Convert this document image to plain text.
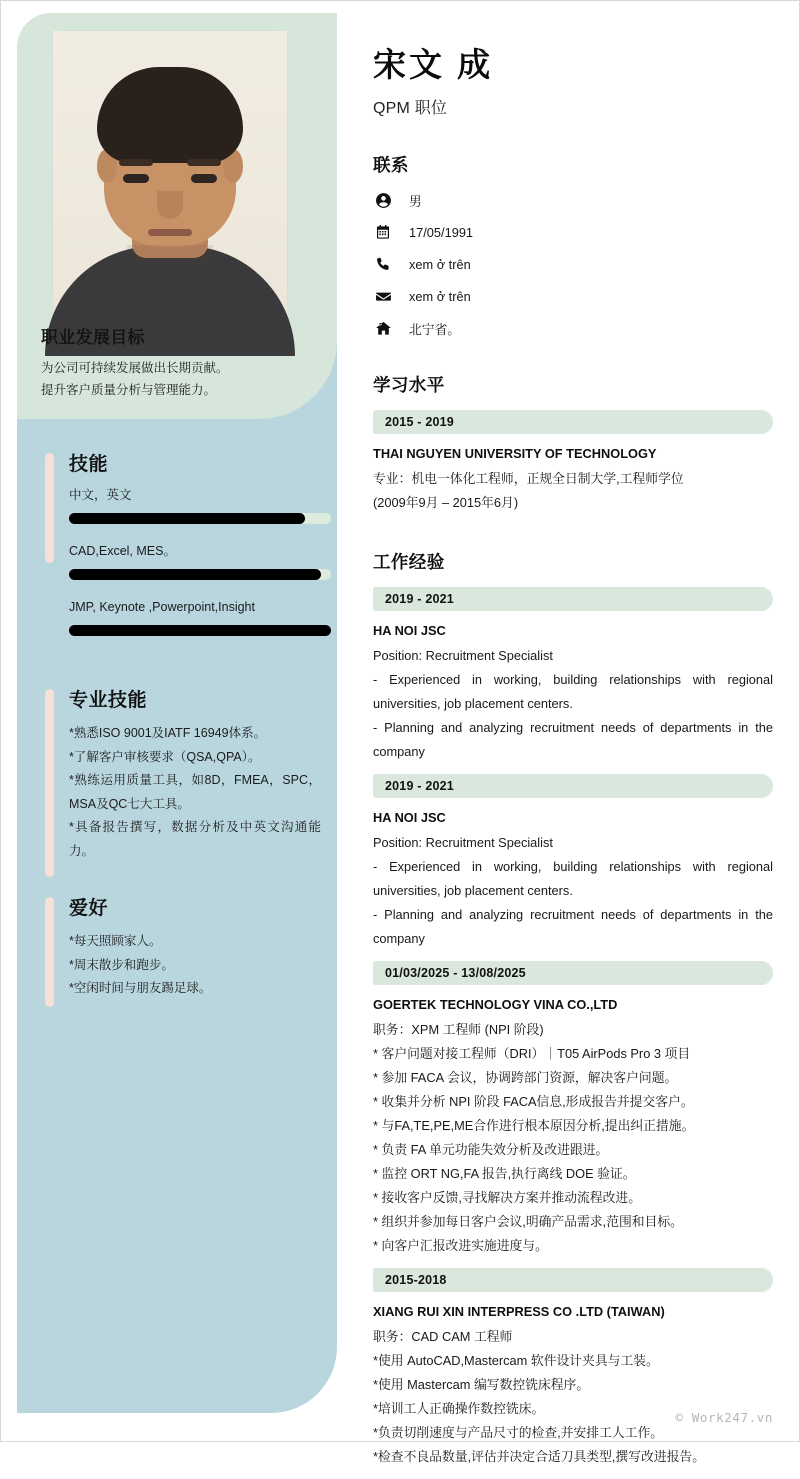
职业发展目标
为公司可持续发展做出长期贡献。
提升客户质量分析与管理能力。
技能
中文，英文
CAD,Excel, MES。
JMP, Keynote ,Powerpoint,Insight
专业技能
*熟悉ISO 9001及IATF 16949体系。
*了解客户审核要求（QSA,QPA）。
*熟练运用质量工具，如8D，FMEA，SPC，MSA及QC七大工具。
*具备报告撰写，数据分析及中英文沟通能力。
爱好
*每天照顾家人。
*周末散步和跑步。
*空闲时间与朋友踢足球。
宋文 成
QPM 职位
联系
男
17/05/1991
xem ở trên
xem ở trên
北宁省。
学习水平
2015 - 2019
THAI NGUYEN UNIVERSITY OF TECHNOLOGY
专业：机电一体化工程师，正规全日制大学,工程师学位
(2009年9月 – 2015年6月)
工作经验
2019 - 2021
HA NOI JSC
Position: Recruitment Specialist
- Experienced in working, building relationships with regional universities, job placement centers.
- Planning and analyzing recruitment needs of departments in the company
2019 - 2021
HA NOI JSC
Position: Recruitment Specialist
- Experienced in working, building relationships with regional universities, job placement centers.
- Planning and analyzing recruitment needs of departments in the company
01/03/2025 - 13/08/2025
GOERTEK TECHNOLOGY VINA CO.,LTD
职务：XPM 工程师 (NPI 阶段)
* 客户问题对接工程师（DRI）｜T05 AirPods Pro 3 项目
* 参加 FACA 会议，协调跨部门资源，解决客户问题。
* 收集并分析 NPI 阶段 FACA信息,形成报告并提交客户。
* 与FA,TE,PE,ME合作进行根本原因分析,提出纠正措施。
* 负责 FA 单元功能失效分析及改进跟进。
* 监控 ORT NG,FA 报告,执行离线 DOE 验证。
* 接收客户反馈,寻找解决方案并推动流程改进。
* 组织并参加每日客户会议,明确产品需求,范围和目标。
* 向客户汇报改进实施进度与。
2015-2018
XIANG RUI XIN INTERPRESS CO .LTD (TAIWAN)
职务：CAD CAM 工程师
*使用 AutoCAD,Mastercam 软件设计夹具与工装。
*使用 Mastercam 编写数控铣床程序。
*培训工人正确操作数控铣床。
*负责切削速度与产品尺寸的检查,并安排工人工作。
*检查不良品数量,评估并决定合适刀具类型,撰写改进报告。
© Work247.vn
